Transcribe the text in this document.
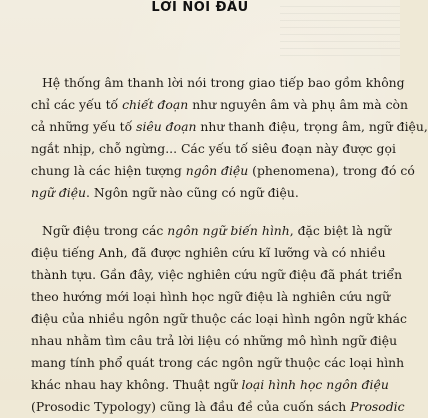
LỜI NÓI ĐẦU
Hệ thống âm thanh lời nói trong giao tiếp bao gồm không
chỉ các yếu tố chiết đoạn như nguyên âm và phụ âm mà còn
cả những yếu tố siêu đoạn như thanh điệu, trọng âm, ngữ điệu,
ngắt nhịp, chỗ ngừng... Các yếu tố siêu đoạn này được gọi
chung là các hiện tượng ngôn điệu (phenomena), trong đó có
ngữ điệu. Ngôn ngữ nào cũng có ngữ điệu.
Ngữ điệu trong các ngôn ngữ biến hình, đặc biệt là ngữ
điệu tiếng Anh, đã được nghiên cứu kĩ lưỡng và có nhiều
thành tựu. Gần đây, việc nghiên cứu ngữ điệu đã phát triển
theo hướng mới loại hình học ngữ điệu là nghiên cứu ngữ
điệu của nhiều ngôn ngữ thuộc các loại hình ngôn ngữ khác
nhau nhằm tìm câu trả lời liệu có những mô hình ngữ điệu
mang tính phổ quát trong các ngôn ngữ thuộc các loại hình
khác nhau hay không. Thuật ngữ loại hình học ngôn điệu
(Prosodic Typology) cũng là đầu đề của cuốn sách Prosodic
